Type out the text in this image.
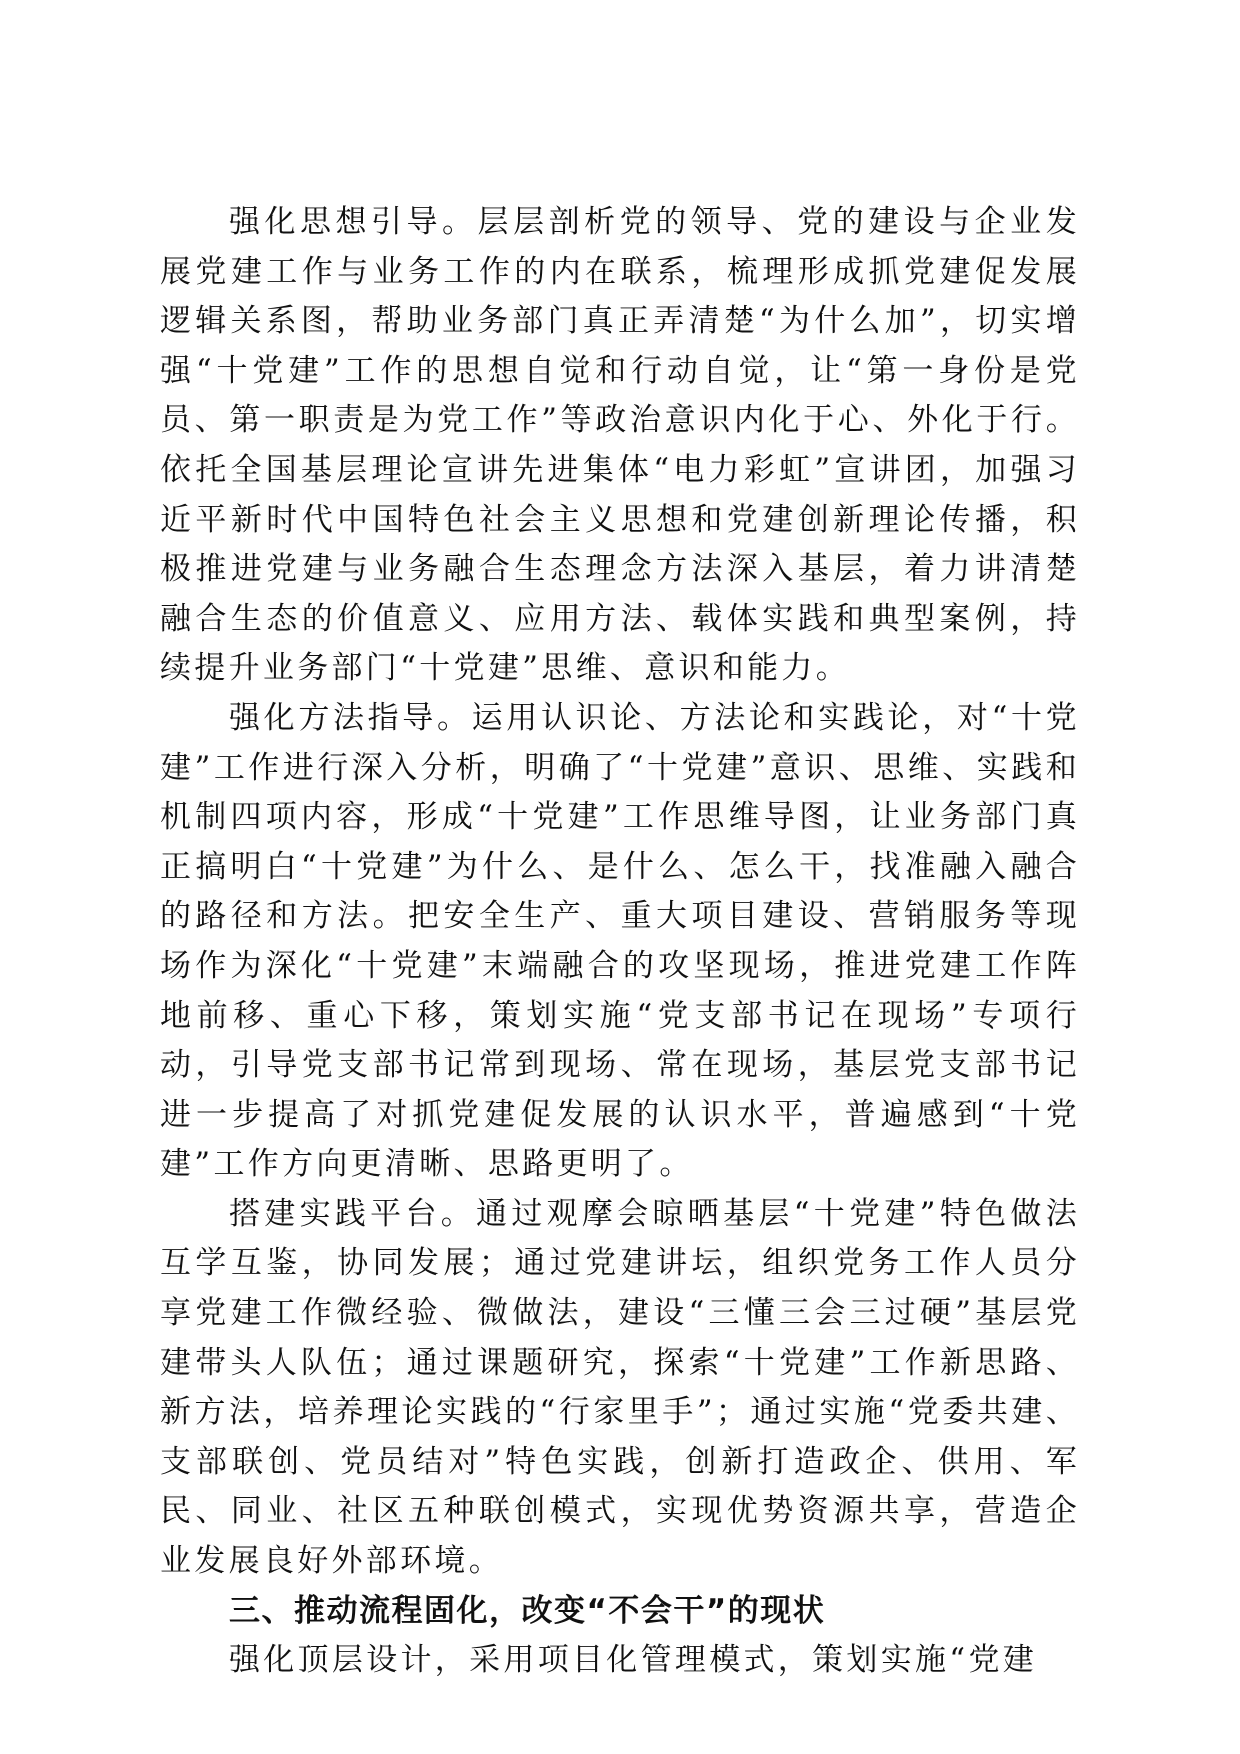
强化思想引导。层层剖析党的领导、党的建设与企业发展党建工作与业务工作的内在联系，梳理形成抓党建促发展逻辑关系图，帮助业务部门真正弄清楚“为什么加”，切实增强“十党建”工作的思想自觉和行动自觉，让“第一身份是党员、第一职责是为党工作”等政治意识内化于心、外化于行。依托全国基层理论宣讲先进集体“电力彩虹”宣讲团，加强习近平新时代中国特色社会主义思想和党建创新理论传播，积极推进党建与业务融合生态理念方法深入基层，着力讲清楚融合生态的价值意义、应用方法、载体实践和典型案例，持续提升业务部门“十党建”思维、意识和能力。

强化方法指导。运用认识论、方法论和实践论，对“十党建”工作进行深入分析，明确了“十党建”意识、思维、实践和机制四项内容，形成“十党建”工作思维导图，让业务部门真正搞明白“十党建”为什么、是什么、怎么干，找准融入融合的路径和方法。把安全生产、重大项目建设、营销服务等现场作为深化“十党建”末端融合的攻坚现场，推进党建工作阵地前移、重心下移，策划实施“党支部书记在现场”专项行动，引导党支部书记常到现场、常在现场，基层党支部书记进一步提高了对抓党建促发展的认识水平，普遍感到“十党建”工作方向更清晰、思路更明了。

搭建实践平台。通过观摩会晾晒基层“十党建”特色做法互学互鉴，协同发展；通过党建讲坛，组织党务工作人员分享党建工作微经验、微做法，建设“三懂三会三过硬”基层党建带头人队伍；通过课题研究，探索“十党建”工作新思路、新方法，培养理论实践的“行家里手”；通过实施“党委共建、支部联创、党员结对”特色实践，创新打造政企、供用、军民、同业、社区五种联创模式，实现优势资源共享，营造企业发展良好外部环境。

三、推动流程固化，改变“不会干”的现状

强化顶层设计，采用项目化管理模式，策划实施“党建
